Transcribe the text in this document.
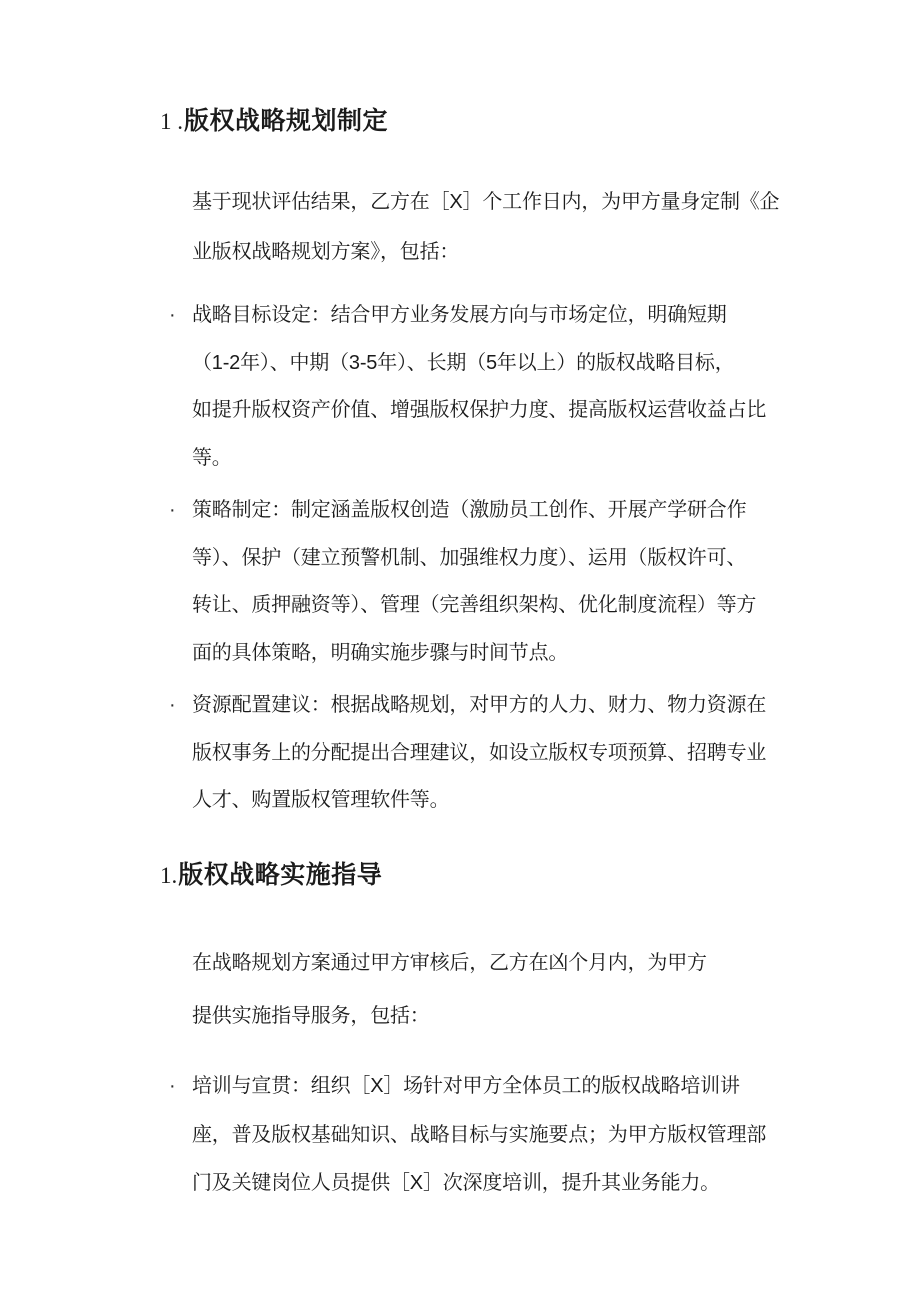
1 .版权战略规划制定
基于现状评估结果，乙方在［X］个工作日内，为甲方量身定制《企
业版权战略规划方案》，包括：
· 战略目标设定：结合甲方业务发展方向与市场定位，明确短期
（1-2年）、中期（3-5年）、长期（5年以上）的版权战略目标，
如提升版权资产价值、增强版权保护力度、提高版权运营收益占比
等。
· 策略制定：制定涵盖版权创造（激励员工创作、开展产学研合作
等）、保护（建立预警机制、加强维权力度）、运用（版权许可、
转让、质押融资等）、管理（完善组织架构、优化制度流程）等方
面的具体策略，明确实施步骤与时间节点。
· 资源配置建议：根据战略规划，对甲方的人力、财力、物力资源在
版权事务上的分配提出合理建议，如设立版权专项预算、招聘专业
人才、购置版权管理软件等。
1.版权战略实施指导
在战略规划方案通过甲方审核后，乙方在凶个月内，为甲方
提供实施指导服务，包括：
· 培训与宣贯：组织［X］场针对甲方全体员工的版权战略培训讲
座，普及版权基础知识、战略目标与实施要点；为甲方版权管理部
门及关键岗位人员提供［X］次深度培训，提升其业务能力。
